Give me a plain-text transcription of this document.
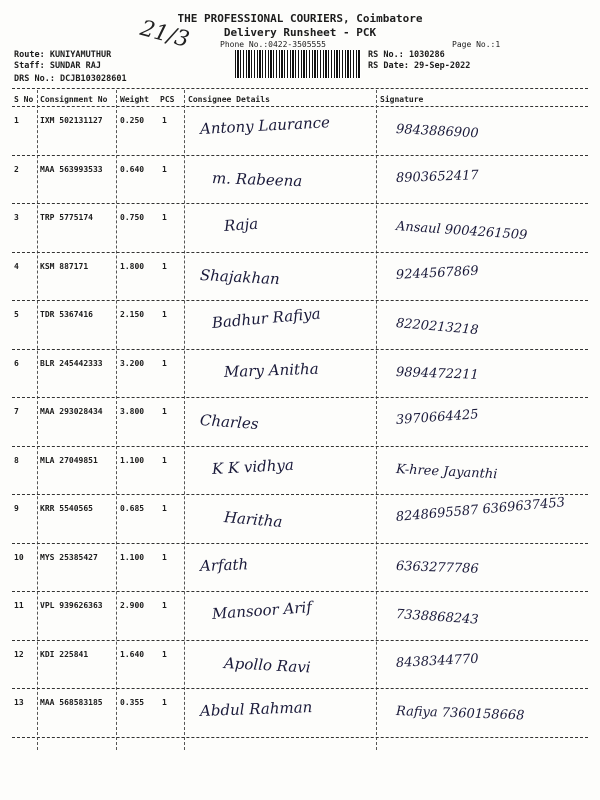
21/3
THE PROFESSIONAL COURIERS, Coimbatore
Delivery Runsheet - PCK
Phone No.:0422-3505555	Page No.:1
Route: KUNIYAMUTHUR
Staff: SUNDAR RAJ
DRS No.: DCJB103028601
RS No.: 1030286
RS Date: 29-Sep-2022
S No Consignment No Weight PCS Consignee Details	Signature
1	IXM 502131127 0.250 1 Antony Laurance	9843886900
2	MAA 563993533 0.640 1	m. Rabeena	8903652417
3	TRP 5775174	0.750 1	Raja	Ansaul 9004261509
4	KSM 887171	1.800 1 Shajakhan	9244567869
5	TDR 5367416	2.150 1	Badhur Rafiya	8220213218
6	BLR 245442333 3.200 1	Mary Anitha	9894472211
7	MAA 293028434 3.800 1 Charles	3970664425
8	MLA 27049851	1.100 1	K K vidhya	K-hree Jayanthi
9	KRR 5540565	0.685 1	Haritha	8248695587 6369637453
10 MYS 25385427	1.100 1 Arfath	6363277786
11 VPL 939626363 2.900 1	Mansoor Arif	7338868243
12 KDI 225841	1.640 1	Apollo Ravi	8438344770
13 MAA 568583185 0.355 1 Abdul Rahman	Rafiya 7360158668
